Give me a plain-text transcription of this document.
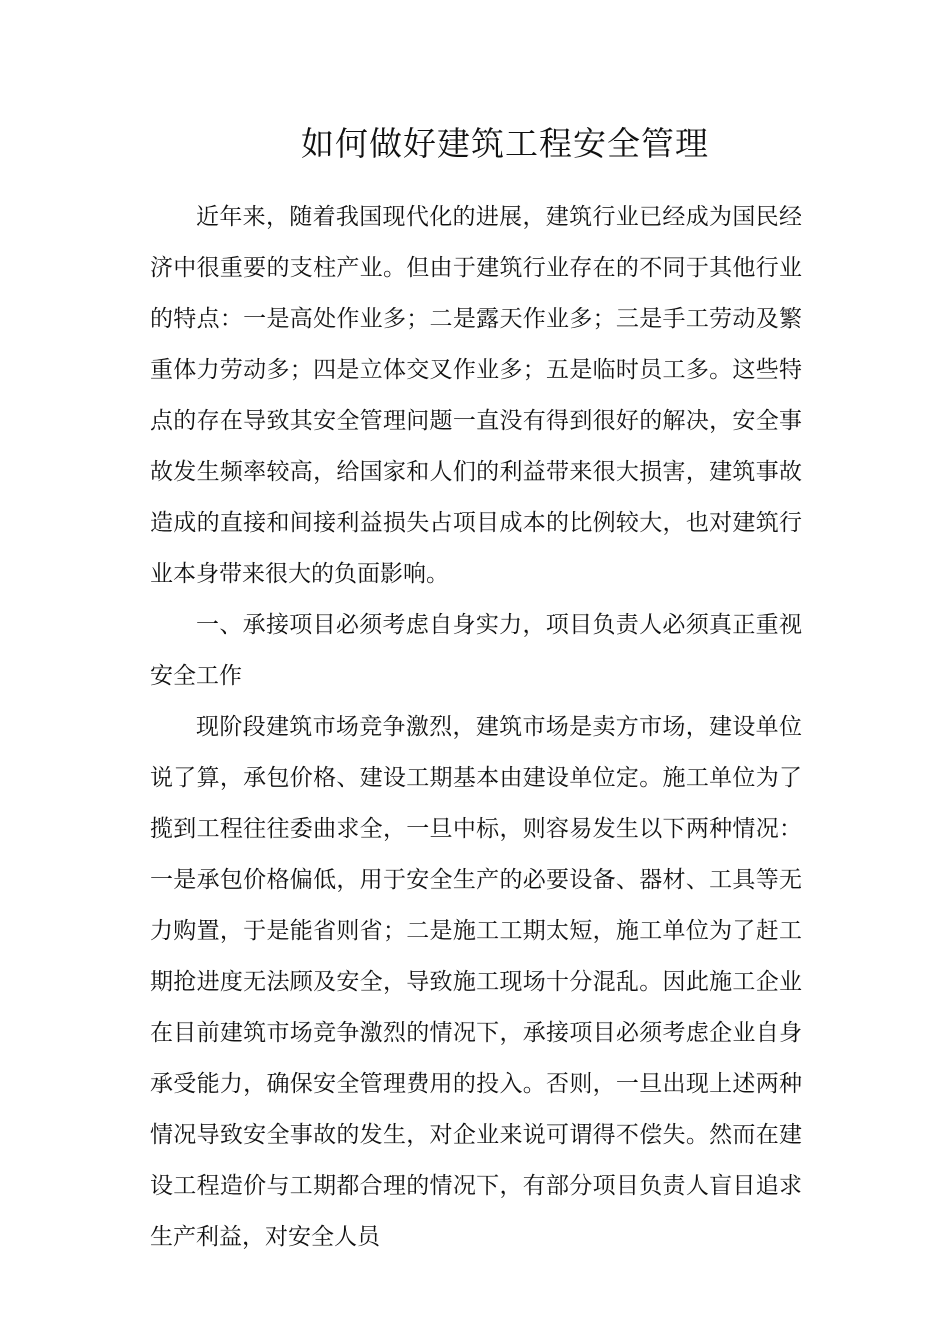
如何做好建筑工程安全管理

近年来，随着我国现代化的进展，建筑行业已经成为国民经济中很重要的支柱产业。但由于建筑行业存在的不同于其他行业的特点：一是高处作业多；二是露天作业多；三是手工劳动及繁重体力劳动多；四是立体交叉作业多；五是临时员工多。这些特点的存在导致其安全管理问题一直没有得到很好的解决，安全事故发生频率较高，给国家和人们的利益带来很大损害，建筑事故造成的直接和间接利益损失占项目成本的比例较大，也对建筑行业本身带来很大的负面影响。

一、承接项目必须考虑自身实力，项目负责人必须真正重视安全工作

现阶段建筑市场竞争激烈，建筑市场是卖方市场，建设单位说了算，承包价格、建设工期基本由建设单位定。施工单位为了揽到工程往往委曲求全，一旦中标，则容易发生以下两种情况：一是承包价格偏低，用于安全生产的必要设备、器材、工具等无力购置，于是能省则省；二是施工工期太短，施工单位为了赶工期抢进度无法顾及安全，导致施工现场十分混乱。因此施工企业在目前建筑市场竞争激烈的情况下，承接项目必须考虑企业自身承受能力，确保安全管理费用的投入。否则，一旦出现上述两种情况导致安全事故的发生，对企业来说可谓得不偿失。然而在建设工程造价与工期都合理的情况下，有部分项目负责人盲目追求生产利益，对安全人员
